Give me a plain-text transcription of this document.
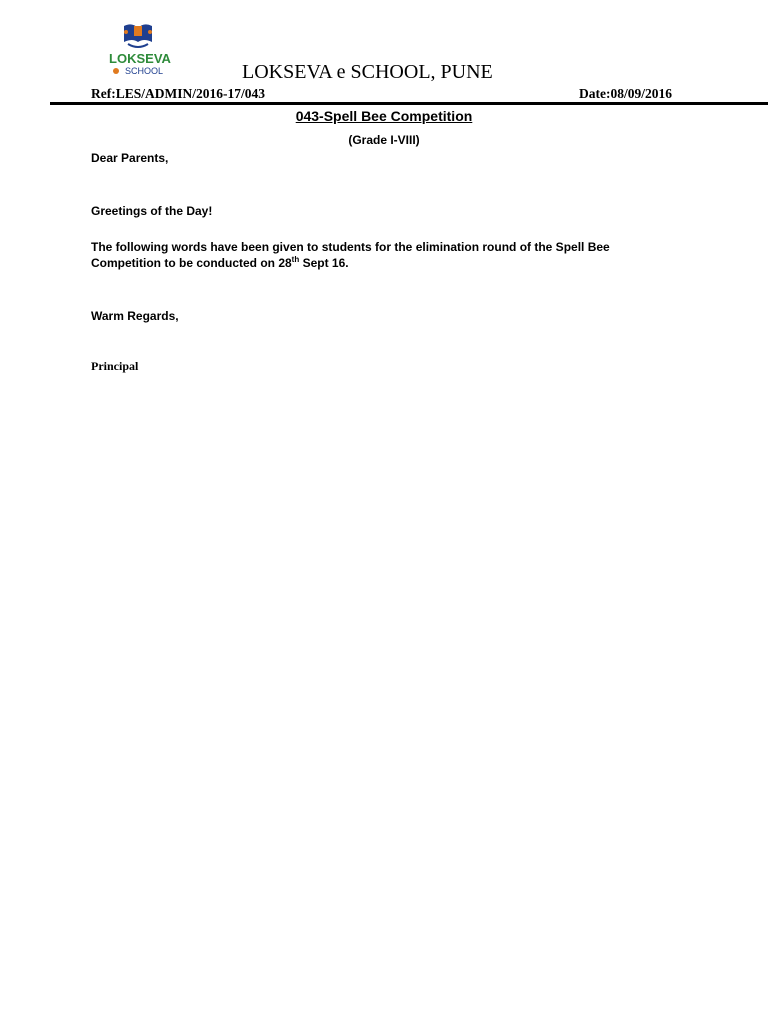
LOKSEVA
SCHOOL	LOKSEVA e SCHOOL, PUNE
Ref:LES/ADMIN/2016-17/043	Date:08/09/2016
043-Spell Bee Competition
(Grade I-VIII)
Dear Parents,
Greetings of the Day!
The following words have been given to students for the elimination round of the Spell Bee
Competition to be conducted on 28th Sept 16.
Warm Regards,
Principal
